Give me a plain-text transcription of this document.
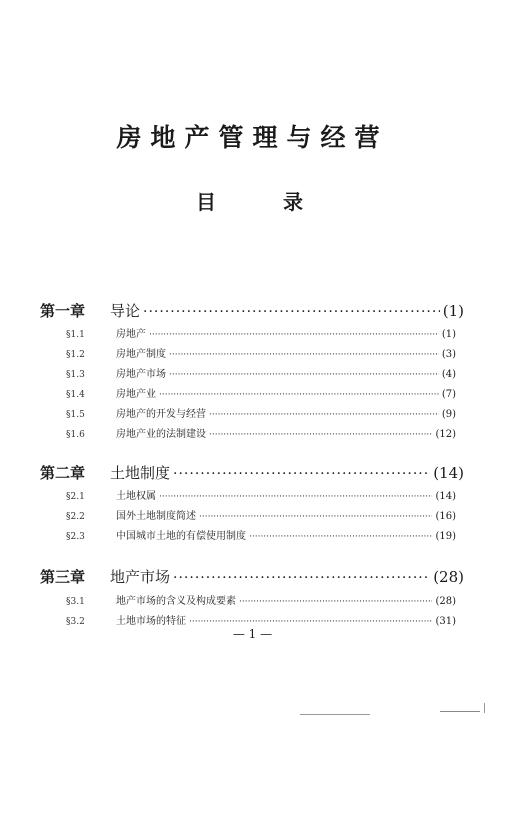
房地产管理与经营
目 录
第一章	导论 ·····	(1)
§1.1	房地产 ·····	(1)
§1.2	房地产制度 ·····	(3)
§1.3	房地产市场 ·····	(4)
§1.4	房地产业 ·····	(7)
§1.5	房地产的开发与经营 ·····	(9)
§1.6	房地产业的法制建设 ·····	(12)
第二章	土地制度 ·····	(14)
§2.1	土地权属 ·····	(14)
§2.2	国外土地制度简述 ·····	(16)
§2.3	中国城市土地的有偿使用制度 ·····	(19)
第三章	地产市场 ·····	(28)
§3.1	地产市场的含义及构成要素 ·····	(28)
§3.2	土地市场的特征 ·····	(31)
— 1 —
